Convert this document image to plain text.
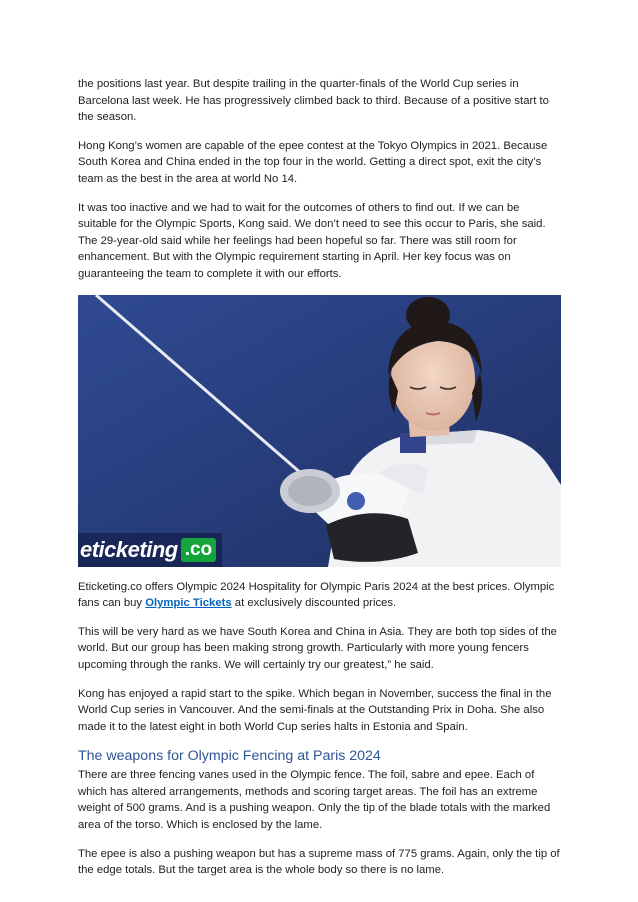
the positions last year. But despite trailing in the quarter-finals of the World Cup series in Barcelona last week. He has progressively climbed back to third. Because of a positive start to the season.

Hong Kong’s women are capable of the epee contest at the Tokyo Olympics in 2021. Because South Korea and China ended in the top four in the world. Getting a direct spot, exit the city’s team as the best in the area at world No 14.

It was too inactive and we had to wait for the outcomes of others to find out. If we can be suitable for the Olympic Sports, Kong said. We don’t need to see this occur to Paris, she said. The 29-year-old said while her feelings had been hopeful so far. There was still room for enhancement. But with the Olympic requirement starting in April. Her key focus was on guaranteeing the team to complete it with our efforts.

eticketing .co

Eticketing.co offers Olympic 2024 Hospitality for Olympic Paris 2024 at the best prices. Olympic fans can buy Olympic Tickets at exclusively discounted prices.

This will be very hard as we have South Korea and China in Asia. They are both top sides of the world. But our group has been making strong growth. Particularly with more young fencers upcoming through the ranks. We will certainly try our greatest,” he said.

Kong has enjoyed a rapid start to the spike. Which began in November, success the final in the World Cup series in Vancouver. And the semi-finals at the Outstanding Prix in Doha. She also made it to the latest eight in both World Cup series halts in Estonia and Spain.

The weapons for Olympic Fencing at Paris 2024

There are three fencing vanes used in the Olympic fence. The foil, sabre and epee. Each of which has altered arrangements, methods and scoring target areas. The foil has an extreme weight of 500 grams. And is a pushing weapon. Only the tip of the blade totals with the marked area of the torso. Which is enclosed by the lame.

The epee is also a pushing weapon but has a supreme mass of 775 grams. Again, only the tip of the edge totals. But the target area is the whole body so there is no lame.
